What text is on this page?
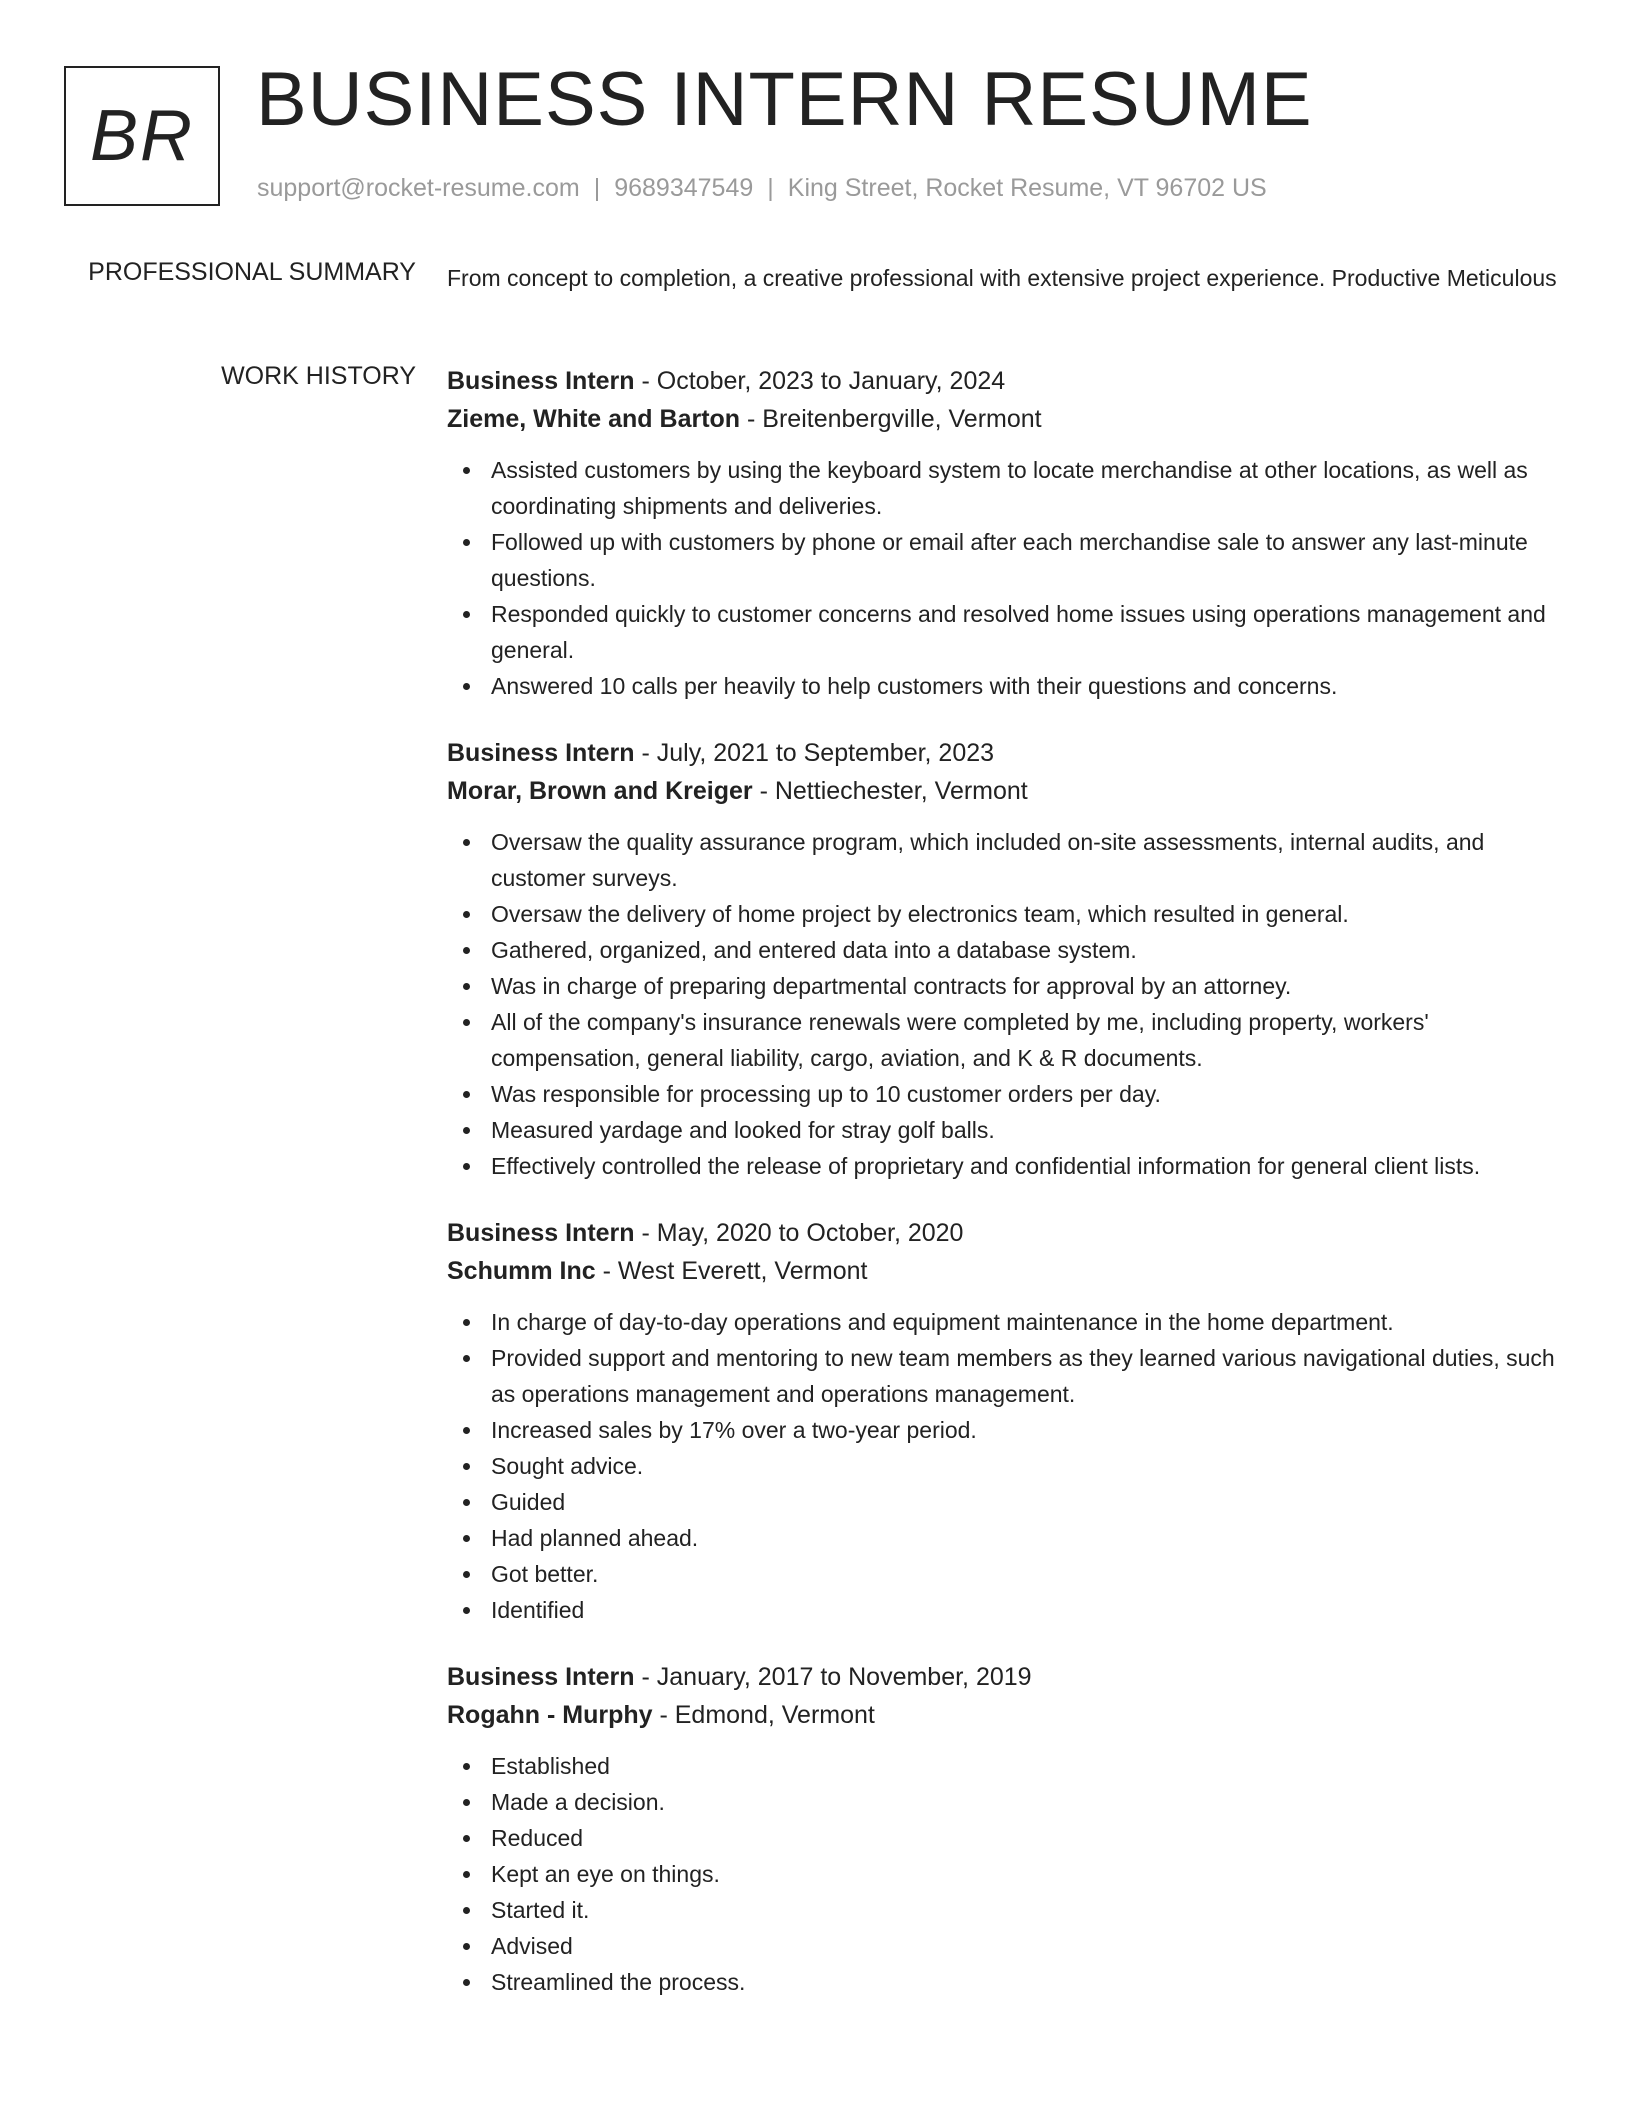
BR BUSINESS INTERN RESUME
support@rocket-resume.com | 9689347549 | King Street, Rocket Resume, VT 96702 US
PROFESSIONAL SUMMARY From concept to completion, a creative professional with extensive project experience. Productive Meticulous

WORK HISTORY Business Intern - October, 2023 to January, 2024
Zieme, White and Barton - Breitenbergville, Vermont
Assisted customers by using the keyboard system to locate merchandise at other locations, as well as coordinating shipments and deliveries.
Followed up with customers by phone or email after each merchandise sale to answer any last-minute questions.
Responded quickly to customer concerns and resolved home issues using operations management and general.
Answered 10 calls per heavily to help customers with their questions and concerns.
Business Intern - July, 2021 to September, 2023
Morar, Brown and Kreiger - Nettiechester, Vermont
Oversaw the quality assurance program, which included on-site assessments, internal audits, and customer surveys.
Oversaw the delivery of home project by electronics team, which resulted in general.
Gathered, organized, and entered data into a database system.
Was in charge of preparing departmental contracts for approval by an attorney.
All of the company's insurance renewals were completed by me, including property, workers' compensation, general liability, cargo, aviation, and K & R documents.
Was responsible for processing up to 10 customer orders per day.
Measured yardage and looked for stray golf balls.
Effectively controlled the release of proprietary and confidential information for general client lists.
Business Intern - May, 2020 to October, 2020
Schumm Inc - West Everett, Vermont
In charge of day-to-day operations and equipment maintenance in the home department.
Provided support and mentoring to new team members as they learned various navigational duties, such as operations management and operations management.
Increased sales by 17% over a two-year period.
Sought advice.
Guided
Had planned ahead.
Got better.
Identified
Business Intern - January, 2017 to November, 2019
Rogahn - Murphy - Edmond, Vermont
Established
Made a decision.
Reduced
Kept an eye on things.
Started it.
Advised
Streamlined the process.
